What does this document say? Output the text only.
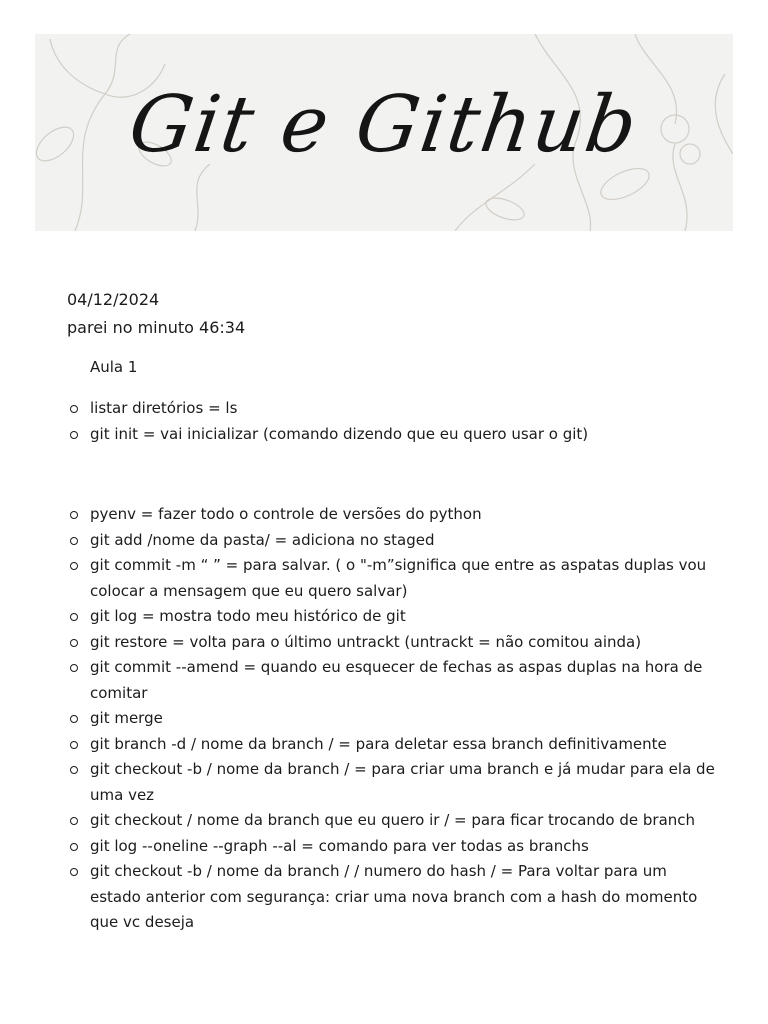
Git e Github
04/12/2024
parei no minuto 46:34
Aula 1
listar diretórios = ls
git init = vai inicializar (comando dizendo que eu quero usar o git)
pyenv = fazer todo o controle de versões do python
git add /nome da pasta/ = adiciona no staged
git commit -m “ ” = para salvar. ( o "-m”significa que entre as aspatas duplas vou colocar a mensagem que eu quero salvar)
git log = mostra todo meu histórico de git
git restore = volta para o último untrackt (untrackt = não comitou ainda)
git commit --amend = quando eu esquecer de fechas as aspas duplas na hora de comitar
git merge
git branch -d / nome da branch / = para deletar essa branch definitivamente
git checkout -b / nome da branch / = para criar uma branch e já mudar para ela de uma vez
git checkout / nome da branch que eu quero ir / = para ficar trocando de branch
git log --oneline --graph --al = comando para ver todas as branchs
git checkout -b / nome da branch / / numero do hash / = Para voltar para um estado anterior com segurança: criar uma nova branch com a hash do momento que vc deseja
